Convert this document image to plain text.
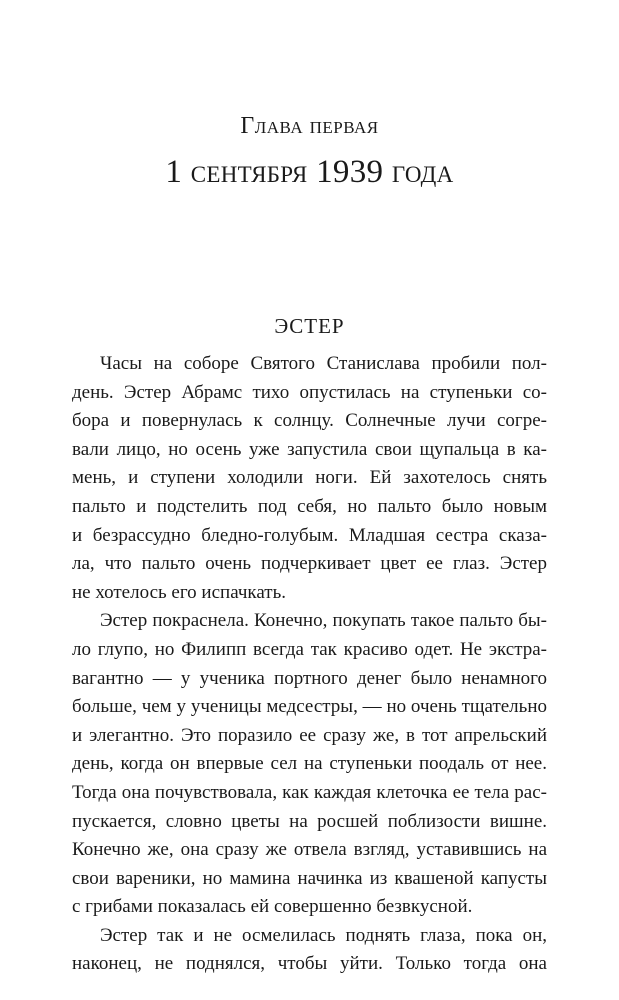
Глава первая
1 сентября 1939 года
ЭСТЕР
Часы на соборе Святого Станислава пробили пол-
день. Эстер Абрамс тихо опустилась на ступеньки со-
бора и повернулась к солнцу. Солнечные лучи согре-
вали лицо, но осень уже запустила свои щупальца в ка-
мень, и ступени холодили ноги. Ей захотелось снять
пальто и подстелить под себя, но пальто было новым
и безрассудно бледно-голубым. Младшая сестра сказа-
ла, что пальто очень подчеркивает цвет ее глаз. Эстер
не хотелось его испачкать.
Эстер покраснела. Конечно, покупать такое пальто бы-
ло глупо, но Филипп всегда так красиво одет. Не экстра-
вагантно — у ученика портного денег было ненамного
больше, чем у ученицы медсестры, — но очень тщательно
и элегантно. Это поразило ее сразу же, в тот апрельский
день, когда он впервые сел на ступеньки поодаль от нее.
Тогда она почувствовала, как каждая клеточка ее тела рас-
пускается, словно цветы на росшей поблизости вишне.
Конечно же, она сразу же отвела взгляд, уставившись на
свои вареники, но мамина начинка из квашеной капусты
с грибами показалась ей совершенно безвкусной.
Эстер так и не осмелилась поднять глаза, пока он,
наконец, не поднялся, чтобы уйти. Только тогда она
